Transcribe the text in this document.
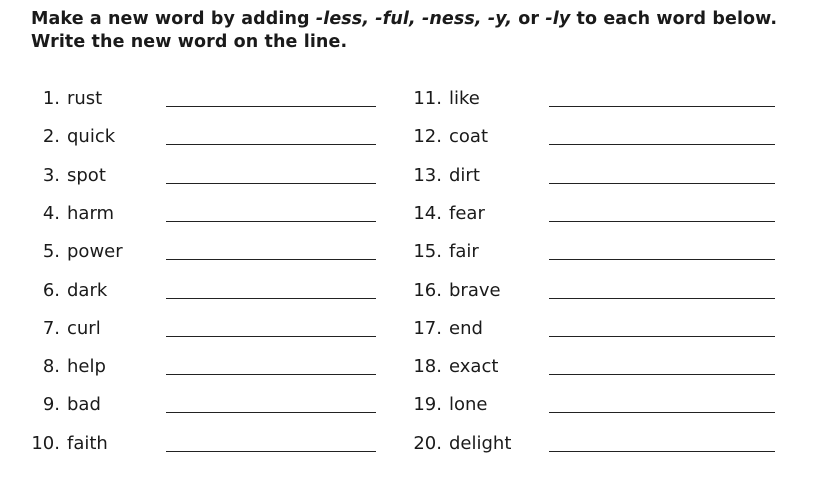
Make a new word by adding -less, -ful, -ness, -y, or -ly to each word below. Write the new word on the line.
1. rust
2. quick
3. spot
4. harm
5. power
6. dark
7. curl
8. help
9. bad
10. faith
11. like
12. coat
13. dirt
14. fear
15. fair
16. brave
17. end
18. exact
19. lone
20. delight
